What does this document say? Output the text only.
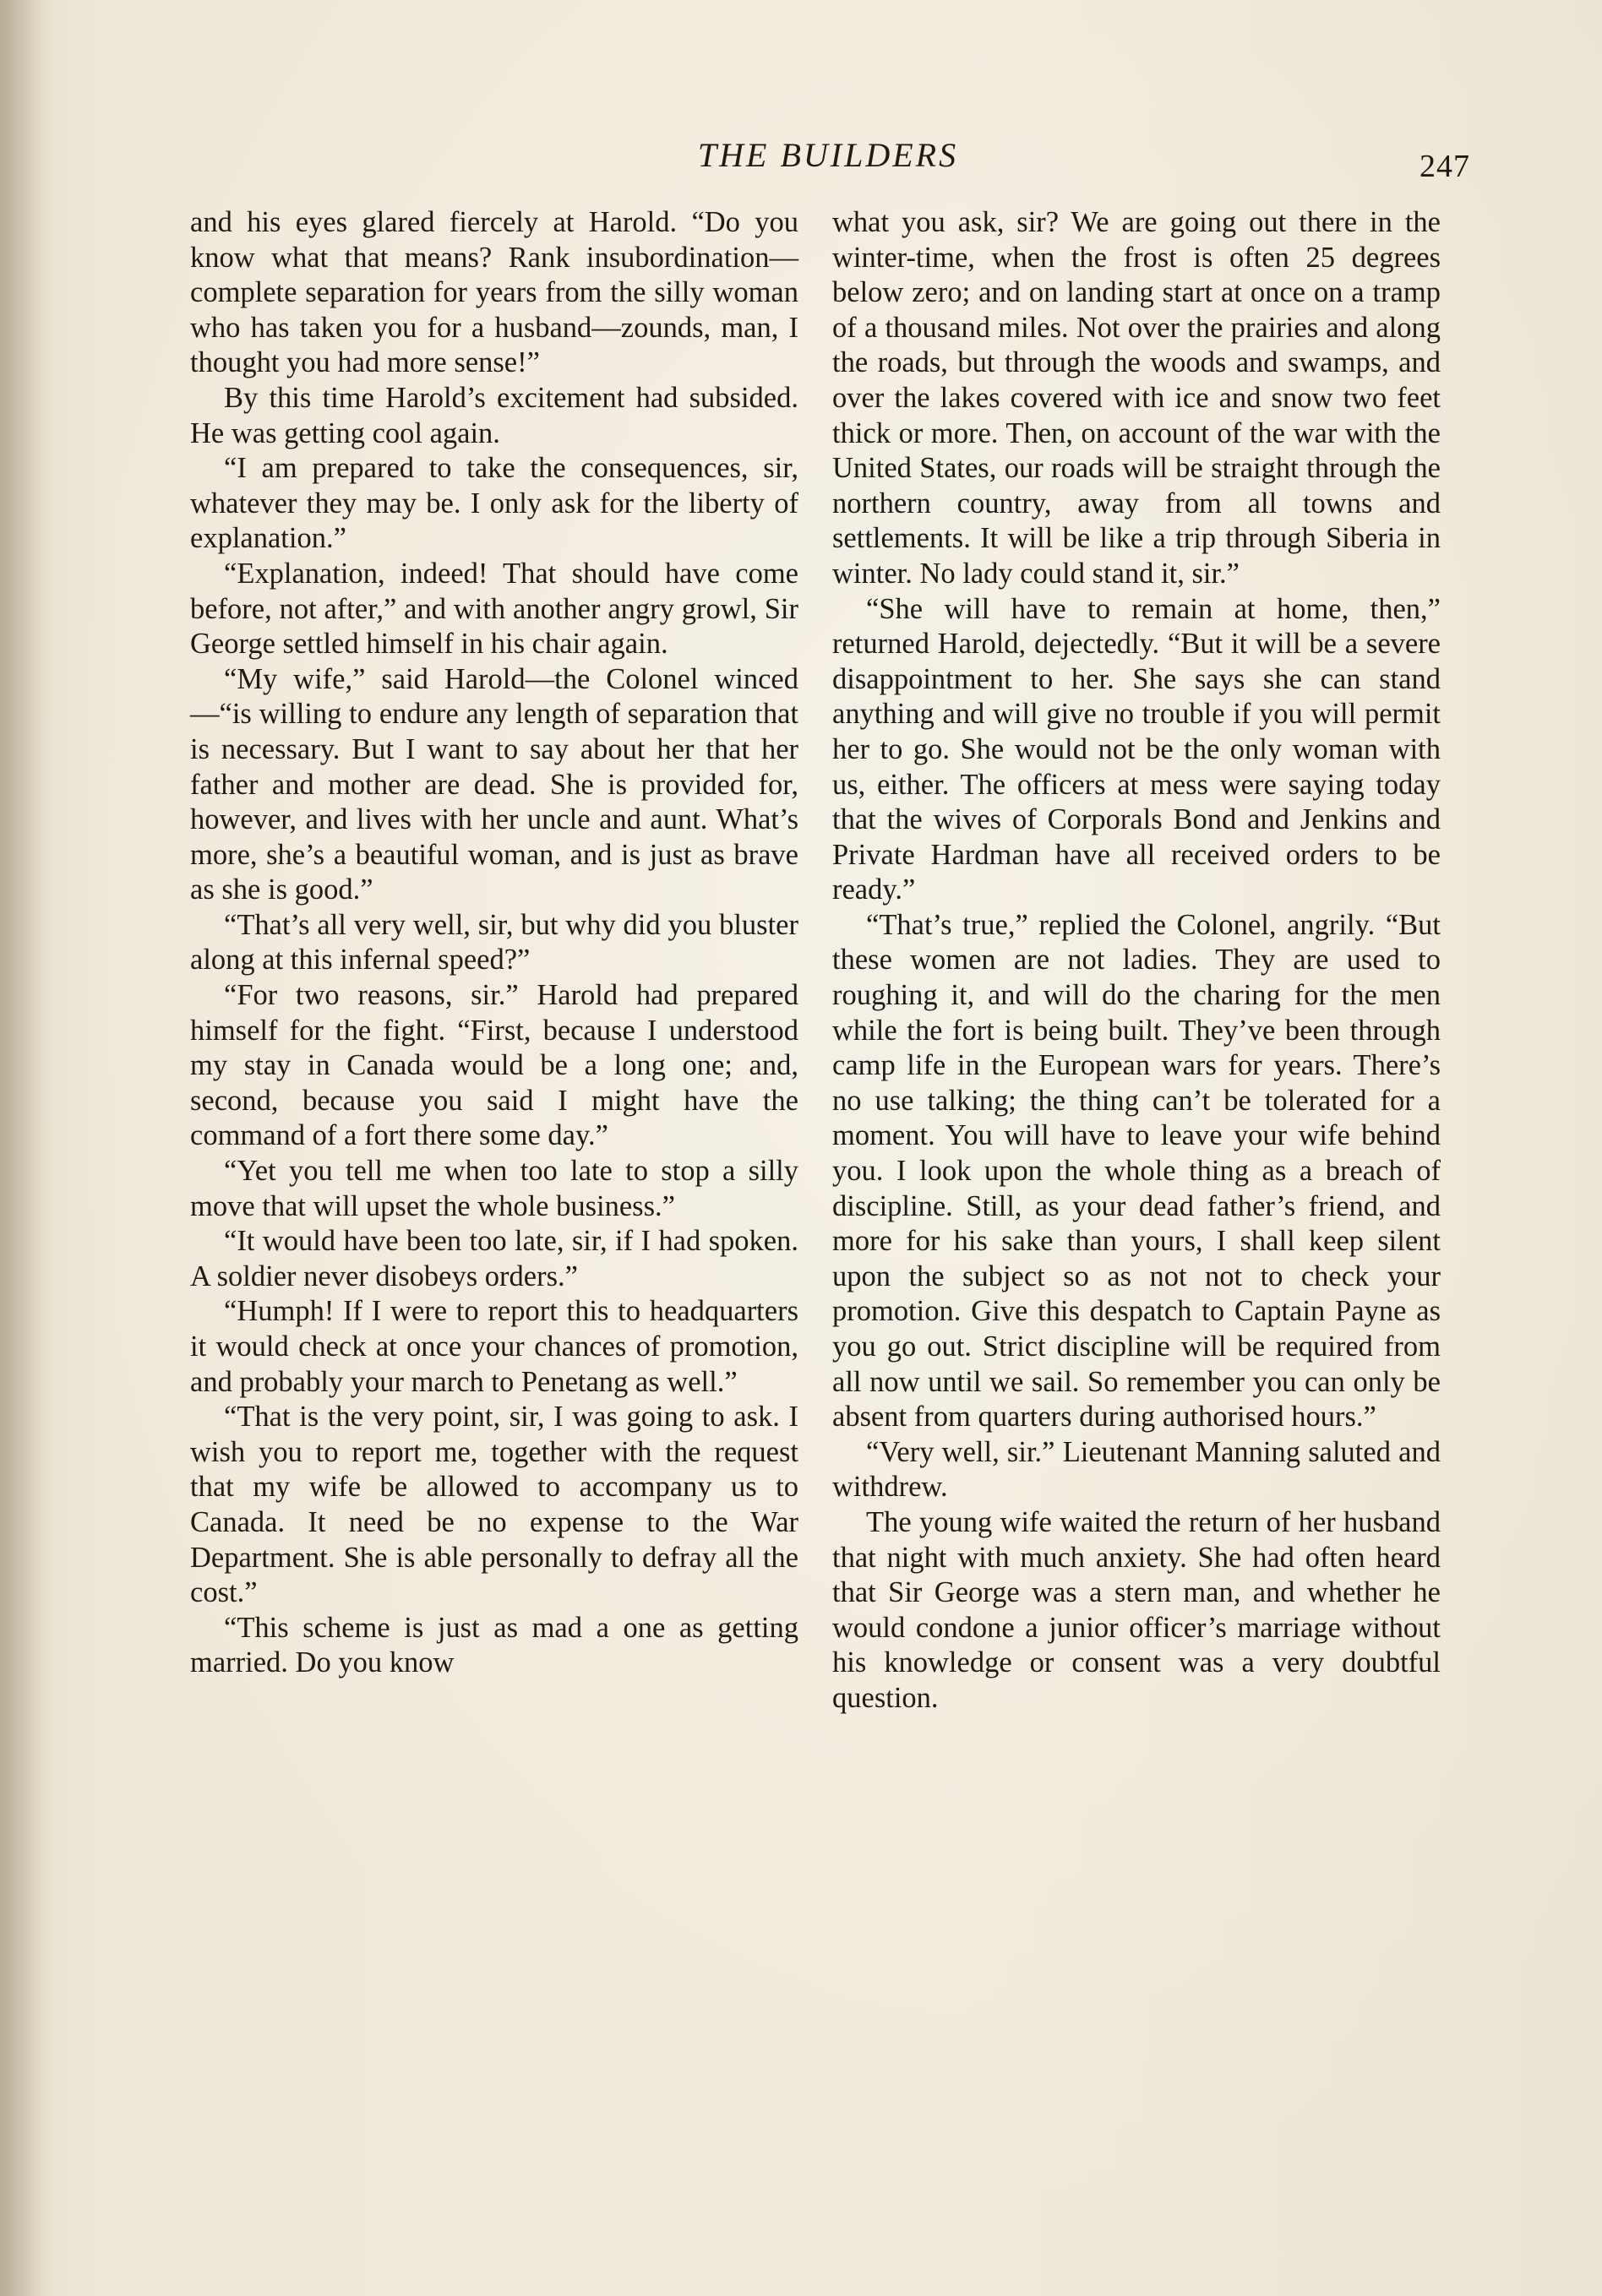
THE BUILDERS	247

and his eyes glared fiercely at Harold. “Do you know what that means? Rank insubordination—complete separation for years from the silly woman who has taken you for a husband—zounds, man, I thought you had more sense!”

By this time Harold’s excitement had subsided. He was getting cool again.

“I am prepared to take the consequences, sir, whatever they may be. I only ask for the liberty of explanation.”

“Explanation, indeed! That should have come before, not after,” and with another angry growl, Sir George settled himself in his chair again.

“My wife,” said Harold—the Colonel winced—“is willing to endure any length of separation that is necessary. But I want to say about her that her father and mother are dead. She is provided for, however, and lives with her uncle and aunt. What’s more, she’s a beautiful woman, and is just as brave as she is good.”

“That’s all very well, sir, but why did you bluster along at this infernal speed?”

“For two reasons, sir.” Harold had prepared himself for the fight. “First, because I understood my stay in Canada would be a long one; and, second, because you said I might have the command of a fort there some day.”

“Yet you tell me when too late to stop a silly move that will upset the whole business.”

“It would have been too late, sir, if I had spoken. A soldier never disobeys orders.”

“Humph! If I were to report this to headquarters it would check at once your chances of promotion, and probably your march to Penetang as well.”

“That is the very point, sir, I was going to ask. I wish you to report me, together with the request that my wife be allowed to accompany us to Canada. It need be no expense to the War Department. She is able personally to defray all the cost.”

“This scheme is just as mad a one as getting married. Do you know

what you ask, sir? We are going out there in the winter-time, when the frost is often 25 degrees below zero; and on landing start at once on a tramp of a thousand miles. Not over the prairies and along the roads, but through the woods and swamps, and over the lakes covered with ice and snow two feet thick or more. Then, on account of the war with the United States, our roads will be straight through the northern country, away from all towns and settlements. It will be like a trip through Siberia in winter. No lady could stand it, sir.”

“She will have to remain at home, then,” returned Harold, dejectedly. “But it will be a severe disappointment to her. She says she can stand anything and will give no trouble if you will permit her to go. She would not be the only woman with us, either. The officers at mess were saying today that the wives of Corporals Bond and Jenkins and Private Hardman have all received orders to be ready.”

“That’s true,” replied the Colonel, angrily. “But these women are not ladies. They are used to roughing it, and will do the charing for the men while the fort is being built. They’ve been through camp life in the European wars for years. There’s no use talking; the thing can’t be tolerated for a moment. You will have to leave your wife behind you. I look upon the whole thing as a breach of discipline. Still, as your dead father’s friend, and more for his sake than yours, I shall keep silent upon the subject so as not not to check your promotion. Give this despatch to Captain Payne as you go out. Strict discipline will be required from all now until we sail. So remember you can only be absent from quarters during authorised hours.”

“Very well, sir.” Lieutenant Manning saluted and withdrew.

The young wife waited the return of her husband that night with much anxiety. She had often heard that Sir George was a stern man, and whether he would condone a junior officer’s marriage without his knowledge or consent was a very doubtful question.
